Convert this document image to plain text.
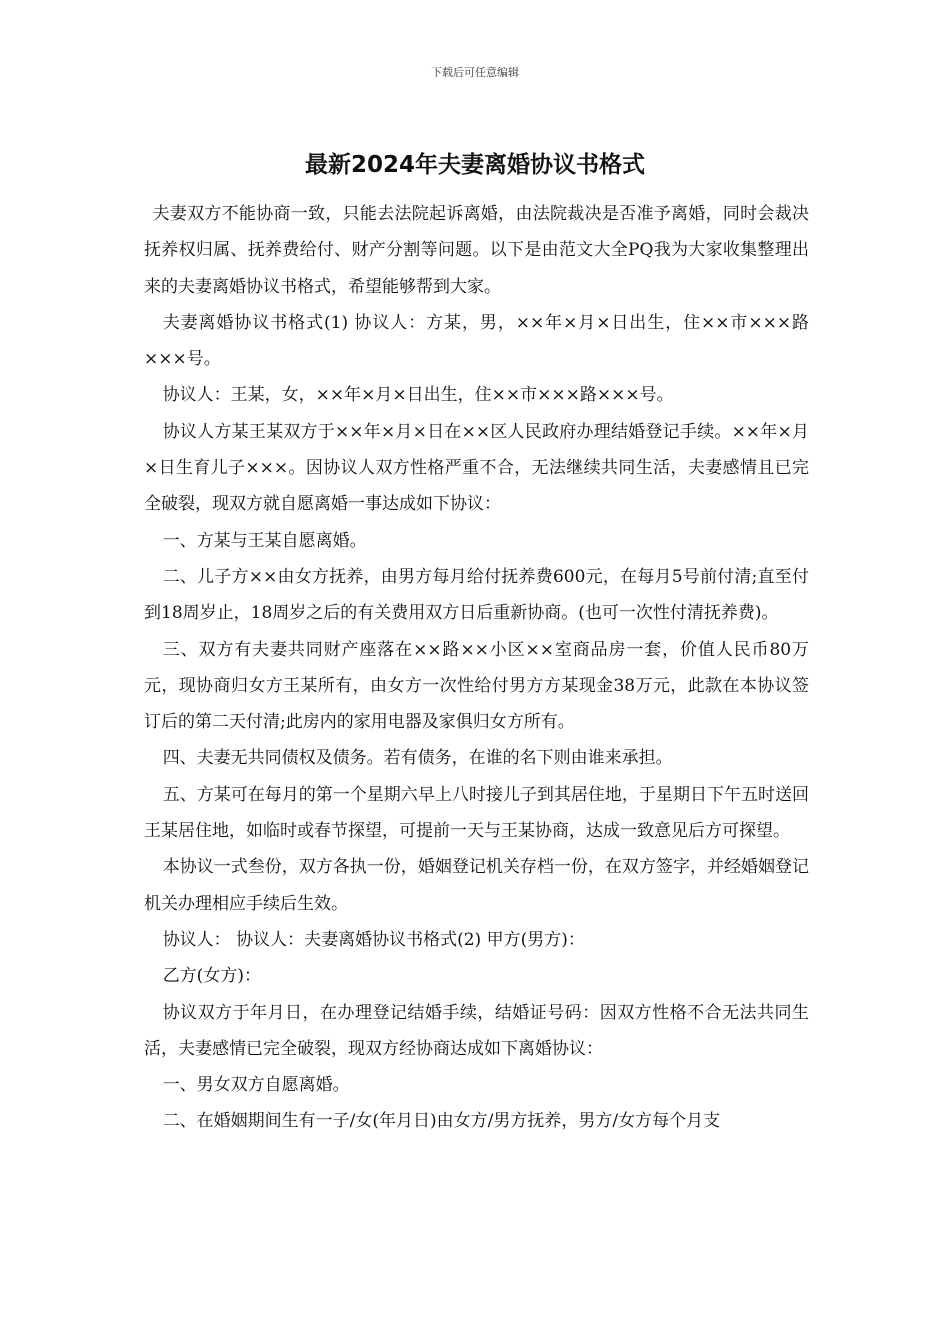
下载后可任意编辑
最新2024年夫妻离婚协议书格式

夫妻双方不能协商一致，只能去法院起诉离婚，由法院裁决是否准予离婚，同时会裁决抚养权归属、抚养费给付、财产分割等问题。以下是由范文大全PQ我为大家收集整理出来的夫妻离婚协议书格式，希望能够帮到大家。

夫妻离婚协议书格式(1) 协议人：方某，男，××年×月×日出生，住××市×××路×××号。

协议人：王某，女，××年×月×日出生，住××市×××路×××号。

协议人方某王某双方于××年×月×日在××区人民政府办理结婚登记手续。××年×月×日生育儿子×××。因协议人双方性格严重不合，无法继续共同生活，夫妻感情且已完全破裂，现双方就自愿离婚一事达成如下协议：

一、方某与王某自愿离婚。

二、儿子方××由女方抚养，由男方每月给付抚养费600元，在每月5号前付清;直至付到18周岁止，18周岁之后的有关费用双方日后重新协商。(也可一次性付清抚养费)。

三、双方有夫妻共同财产座落在××路××小区××室商品房一套，价值人民币80万元，现协商归女方王某所有，由女方一次性给付男方方某现金38万元，此款在本协议签订后的第二天付清;此房内的家用电器及家俱归女方所有。

四、夫妻无共同债权及债务。若有债务，在谁的名下则由谁来承担。

五、方某可在每月的第一个星期六早上八时接儿子到其居住地，于星期日下午五时送回王某居住地，如临时或春节探望，可提前一天与王某协商，达成一致意见后方可探望。

本协议一式叁份，双方各执一份，婚姻登记机关存档一份，在双方签字，并经婚姻登记机关办理相应手续后生效。

协议人： 协议人：夫妻离婚协议书格式(2) 甲方(男方)：

乙方(女方)：

协议双方于年月日，在办理登记结婚手续，结婚证号码：因双方性格不合无法共同生活，夫妻感情已完全破裂，现双方经协商达成如下离婚协议：

一、男女双方自愿离婚。

二、在婚姻期间生有一子/女(年月日)由女方/男方抚养，男方/女方每个月支
